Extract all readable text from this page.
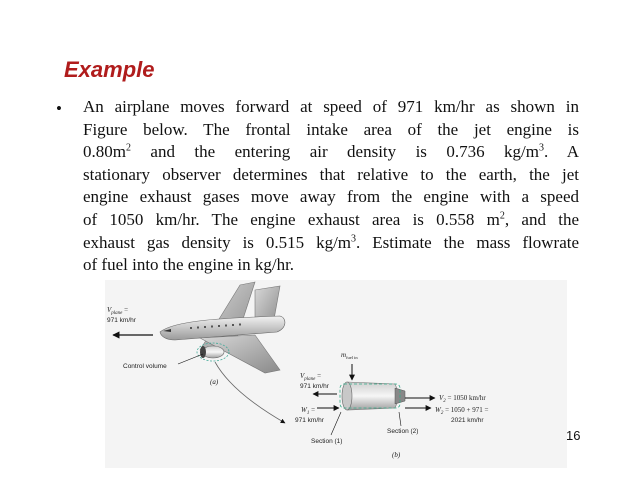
Example
• An airplane moves forward at speed of 971 km/hr as shown in
Figure below. The frontal intake area of the jet engine is
$0.80m^2$ and the entering air density is 0.736 $kg/m^3$. A
stationary observer determines that relative to the earth, the jet
engine exhaust gases move away from the engine with a speed
of 1050 km/hr. The engine exhaust area is 0.558 $m^2$, and the
exhaust gas density is 0.515 $kg/m^3$. Estimate the mass flowrate
of fuel into the engine in kg/hr.
$V_{plane}$ =
971 km/hr
Control volume
(a)
$m_{fuel in}$
$V_{plane}$ =
971 km/hr
$W_1$ =
971 km/hr
$V_2 = 1050$ km/hr
$W_2 = 1050 + 971$ =
2021 km/hr
Section (1)
Section (2)
(b)
16
